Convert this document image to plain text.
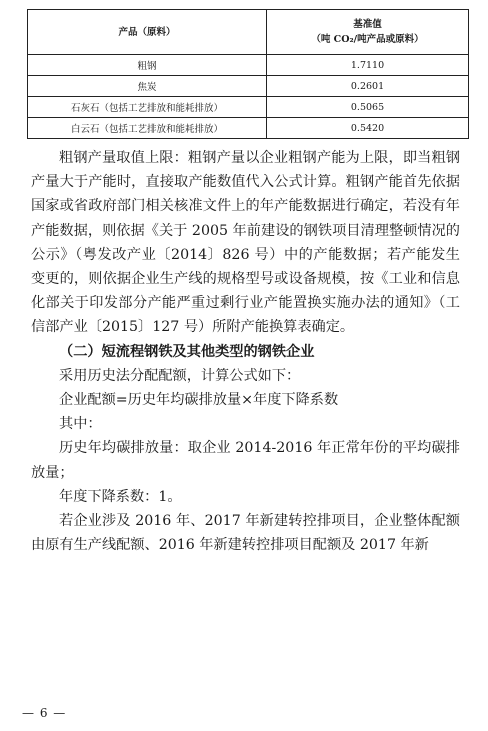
产品（原料）	基准值
（吨 CO₂/吨产品或原料）
粗钢	1.7110
焦炭	0.2601
石灰石（包括工艺排放和能耗排放）	0.5065
白云石（包括工艺排放和能耗排放）	0.5420

粗钢产量取值上限：粗钢产量以企业粗钢产能为上限，即当粗钢产量大于产能时，直接取产能数值代入公式计算。粗钢产能首先依据国家或省政府部门相关核准文件上的年产能数据进行确定，若没有年产能数据，则依据《关于 2005 年前建设的钢铁项目清理整顿情况的公示》（粤发改产业〔2014〕826 号）中的产能数据；若产能发生变更的，则依据企业生产线的规格型号或设备规模，按《工业和信息化部关于印发部分产能严重过剩行业产能置换实施办法的通知》（工信部产业〔2015〕127 号）所附产能换算表确定。

（二）短流程钢铁及其他类型的钢铁企业

采用历史法分配配额，计算公式如下：

企业配额=历史年均碳排放量×年度下降系数

其中：

历史年均碳排放量：取企业 2014-2016 年正常年份的平均碳排放量；

年度下降系数：1。

若企业涉及 2016 年、2017 年新建转控排项目，企业整体配额由原有生产线配额、2016 年新建转控排项目配额及 2017 年新

— 6 —
